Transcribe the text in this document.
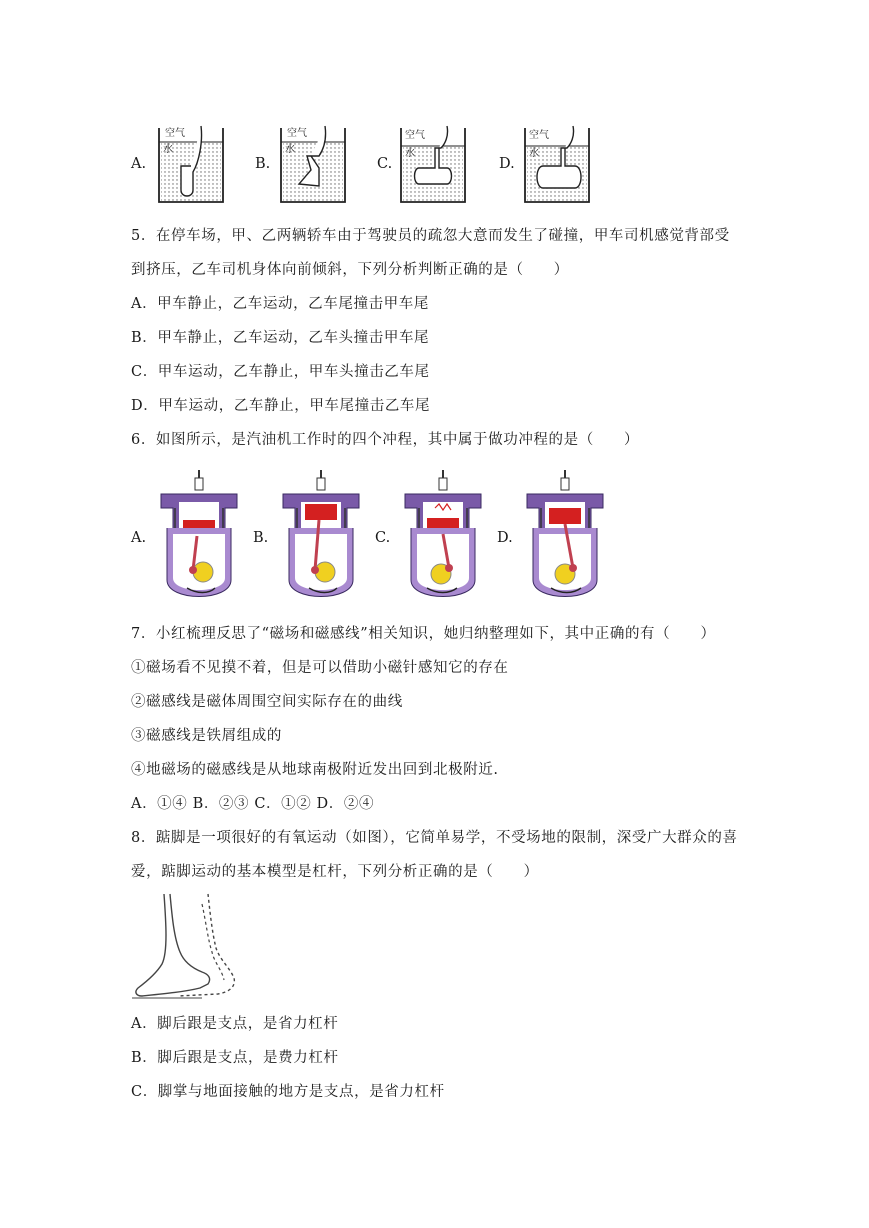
A.
空气
水
B.
空气
水
C.
空气
水
D.
空气
水
5．在停车场，甲、乙两辆轿车由于驾驶员的疏忽大意而发生了碰撞，甲车司机感觉背部受
到挤压，乙车司机身体向前倾斜，下列分析判断正确的是（　　）
A．甲车静止，乙车运动，乙车尾撞击甲车尾
B．甲车静止，乙车运动，乙车头撞击甲车尾
C．甲车运动，乙车静止，甲车头撞击乙车尾
D．甲车运动，乙车静止，甲车尾撞击乙车尾
6．如图所示，是汽油机工作时的四个冲程，其中属于做功冲程的是（　　）
A.	B.	C.	D.
7．小红梳理反思了“磁场和磁感线”相关知识，她归纳整理如下，其中正确的有（　　）
①磁场看不见摸不着，但是可以借助小磁针感知它的存在
②磁感线是磁体周围空间实际存在的曲线
③磁感线是铁屑组成的
④地磁场的磁感线是从地球南极附近发出回到北极附近.
A．①④ B．②③ C．①② D．②④
8．踮脚是一项很好的有氧运动（如图），它简单易学，不受场地的限制，深受广大群众的喜
爱，踮脚运动的基本模型是杠杆，下列分析正确的是（　　）
A．脚后跟是支点，是省力杠杆
B．脚后跟是支点，是费力杠杆
C．脚掌与地面接触的地方是支点，是省力杠杆
